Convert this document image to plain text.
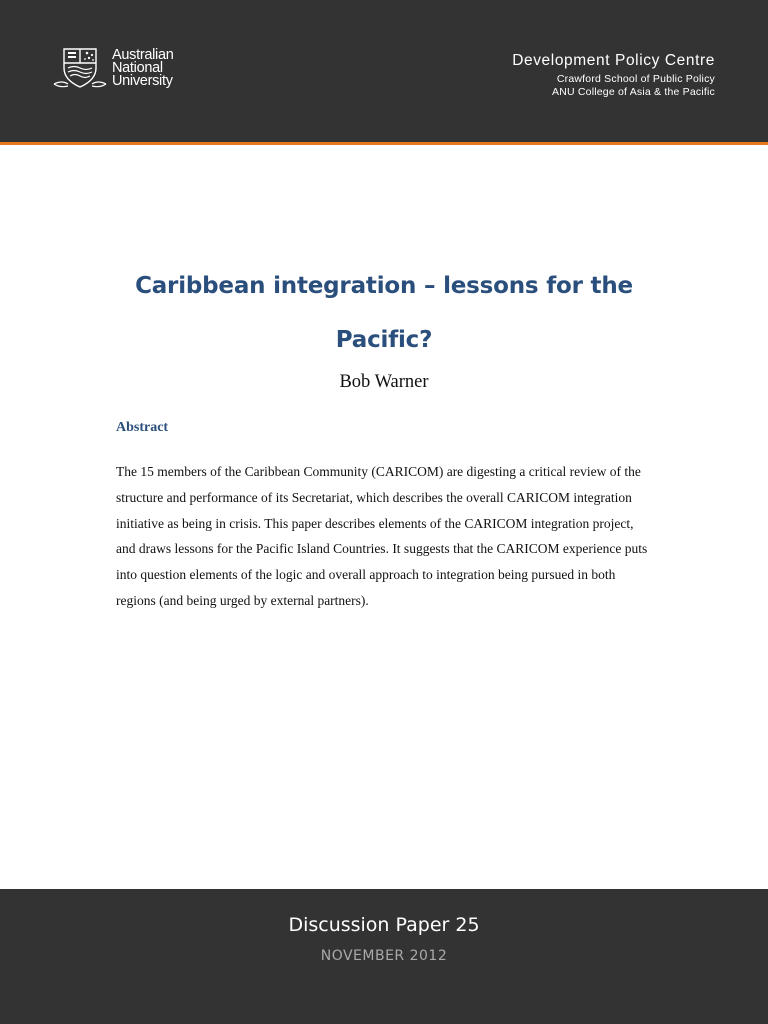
Australian
National
University
Development Policy Centre
Crawford School of Public Policy
ANU College of Asia & the Pacific
Caribbean integration – lessons for the Pacific?
Bob Warner
Abstract

The 15 members of the Caribbean Community (CARICOM) are digesting a critical review of the structure and performance of its Secretariat, which describes the overall CARICOM integration initiative as being in crisis. This paper describes elements of the CARICOM integration project, and draws lessons for the Pacific Island Countries. It suggests that the CARICOM experience puts into question elements of the logic and overall approach to integration being pursued in both regions (and being urged by external partners).

Discussion Paper 25
NOVEMBER 2012
